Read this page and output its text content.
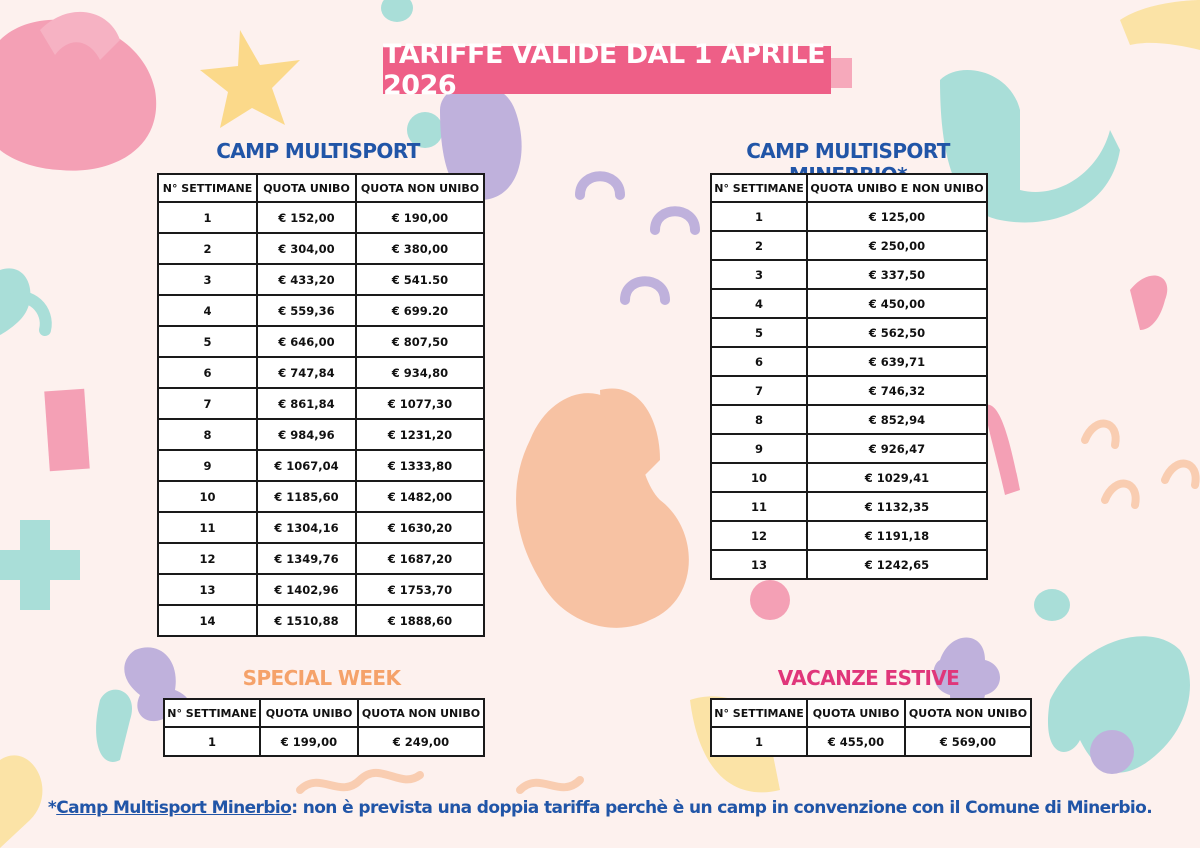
TARIFFE VALIDE DAL 1 APRILE 2026
CAMP MULTISPORT
N° SETTIMANE	QUOTA UNIBO	QUOTA NON UNIBO
1	€ 152,00	€ 190,00
2	€ 304,00	€ 380,00
3	€ 433,20	€ 541.50
4	€ 559,36	€ 699.20
5	€ 646,00	€ 807,50
6	€ 747,84	€ 934,80
7	€ 861,84	€ 1077,30
8	€ 984,96	€ 1231,20
9	€ 1067,04	€ 1333,80
10	€ 1185,60	€ 1482,00
11	€ 1304,16	€ 1630,20
12	€ 1349,76	€ 1687,20
13	€ 1402,96	€ 1753,70
14	€ 1510,88	€ 1888,60
CAMP MULTISPORT
N° SETTIMANE	QUOTA UNIBO E NON UNIBO
1	€ 125,00
2	€ 250,00
3	€ 337,50
4	€ 450,00
5	€ 562,50
6	€ 639,71
7	€ 746,32
8	€ 852,94
9	€ 926,47
10	€ 1029,41
11	€ 1132,35
12	€ 1191,18
13	€ 1242,65
SPECIAL WEEK
N° SETTIMANE	QUOTA UNIBO	QUOTA NON UNIBO
1	€ 199,00	€ 249,00
VACANZE ESTIVE
N° SETTIMANE	QUOTA UNIBO	QUOTA NON UNIBO
1	€ 455,00	€ 569,00
*Camp Multisport Minerbio: non è prevista una doppia tariffa perchè è un camp in convenzione con il Comune di Minerbio.
